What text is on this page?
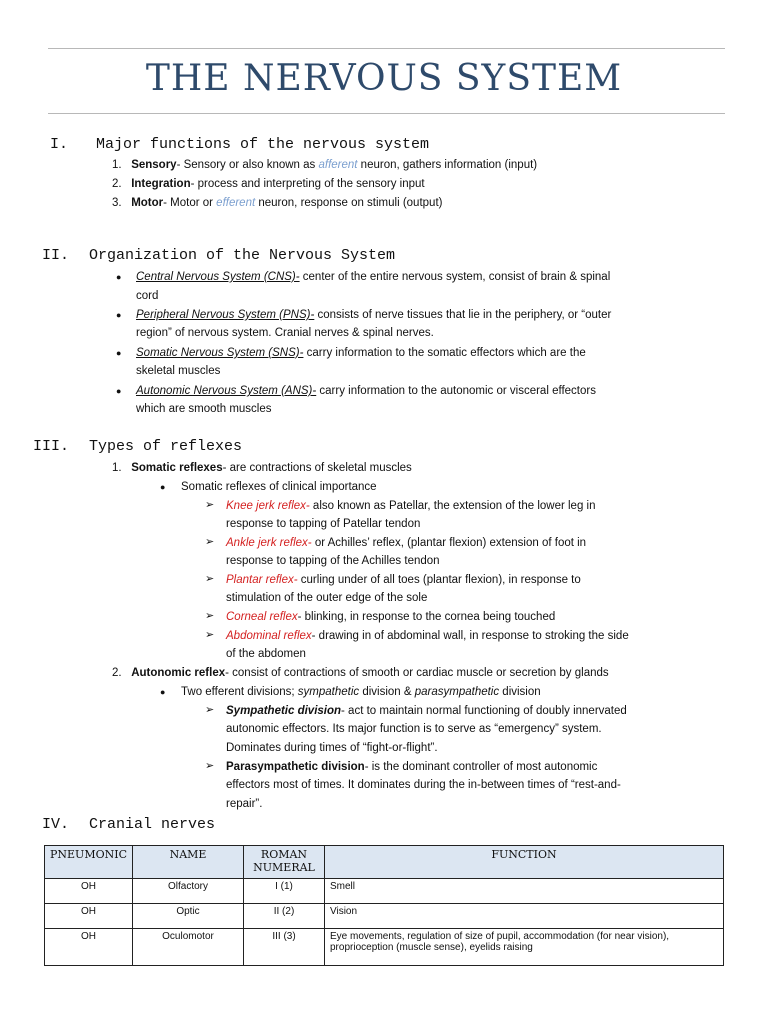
THE NERVOUS SYSTEM
I. Major functions of the nervous system
1. Sensory- Sensory or also known as afferent neuron, gathers information (input)
2. Integration- process and interpreting of the sensory input
3. Motor- Motor or efferent neuron, response on stimuli (output)
II. Organization of the Nervous System
● Central Nervous System (CNS)- center of the entire nervous system, consist of brain & spinal
cord
● Peripheral Nervous System (PNS)- consists of nerve tissues that lie in the periphery, or “outer
region” of nervous system. Cranial nerves & spinal nerves.
● Somatic Nervous System (SNS)- carry information to the somatic effectors which are the
skeletal muscles
● Autonomic Nervous System (ANS)- carry information to the autonomic or visceral effectors
which are smooth muscles
III. Types of reflexes
1. Somatic reflexes- are contractions of skeletal muscles
● Somatic reflexes of clinical importance
➢ Knee jerk reflex- also known as Patellar, the extension of the lower leg in
response to tapping of Patellar tendon
➢ Ankle jerk reflex- or Achilles’ reflex, (plantar flexion) extension of foot in
response to tapping of the Achilles tendon
➢ Plantar reflex- curling under of all toes (plantar flexion), in response to
stimulation of the outer edge of the sole
➢ Corneal reflex- blinking, in response to the cornea being touched
➢ Abdominal reflex- drawing in of abdominal wall, in response to stroking the side
of the abdomen
2. Autonomic reflex- consist of contractions of smooth or cardiac muscle or secretion by glands
● Two efferent divisions; sympathetic division & parasympathetic division
➢ Sympathetic division- act to maintain normal functioning of doubly innervated
autonomic effectors. Its major function is to serve as “emergency” system.
Dominates during times of “fight-or-flight”.
➢ Parasympathetic division- is the dominant controller of most autonomic
effectors most of times. It dominates during the in-between times of “rest-and-
repair”.
IV. Cranial nerves
PNEUMONIC	NAME	ROMAN NUMERAL	FUNCTION
OH	Olfactory	I (1)	Smell
OH	Optic	II (2)	Vision
OH	Oculomotor	III (3)	Eye movements, regulation of size of pupil, accommodation (for near vision), proprioception (muscle sense), eyelids raising
